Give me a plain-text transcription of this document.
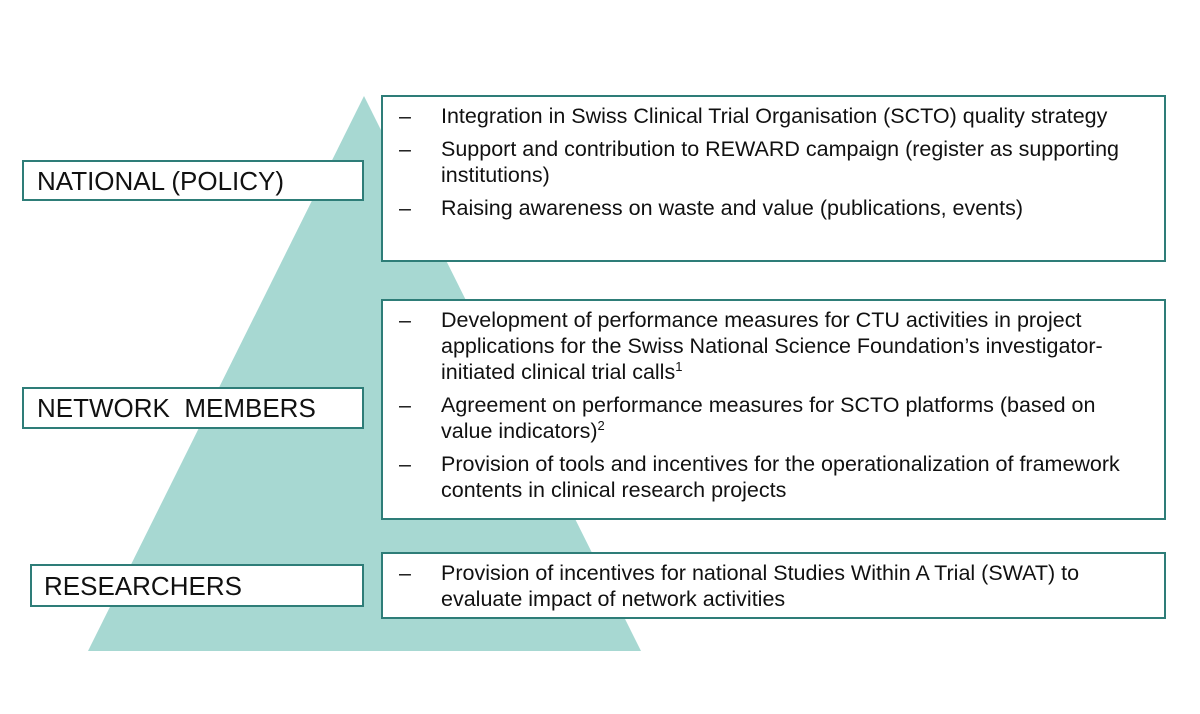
NATIONAL (POLICY)
NETWORK  MEMBERS
RESEARCHERS
–	Integration in Swiss Clinical Trial Organisation (SCTO) quality strategy
–	Support and contribution to REWARD campaign (register as supporting institutions)
–	Raising awareness on waste and value (publications, events)
–	Development of performance measures for CTU activities in project applications for the Swiss National Science Foundation’s investigator-initiated clinical trial calls$^1$
–	Agreement on performance measures for SCTO platforms (based on value indicators)$^2$
–	Provision of tools and incentives for the operationalization of framework contents in clinical research projects
–	Provision of incentives for national Studies Within A Trial (SWAT) to evaluate impact of network activities
